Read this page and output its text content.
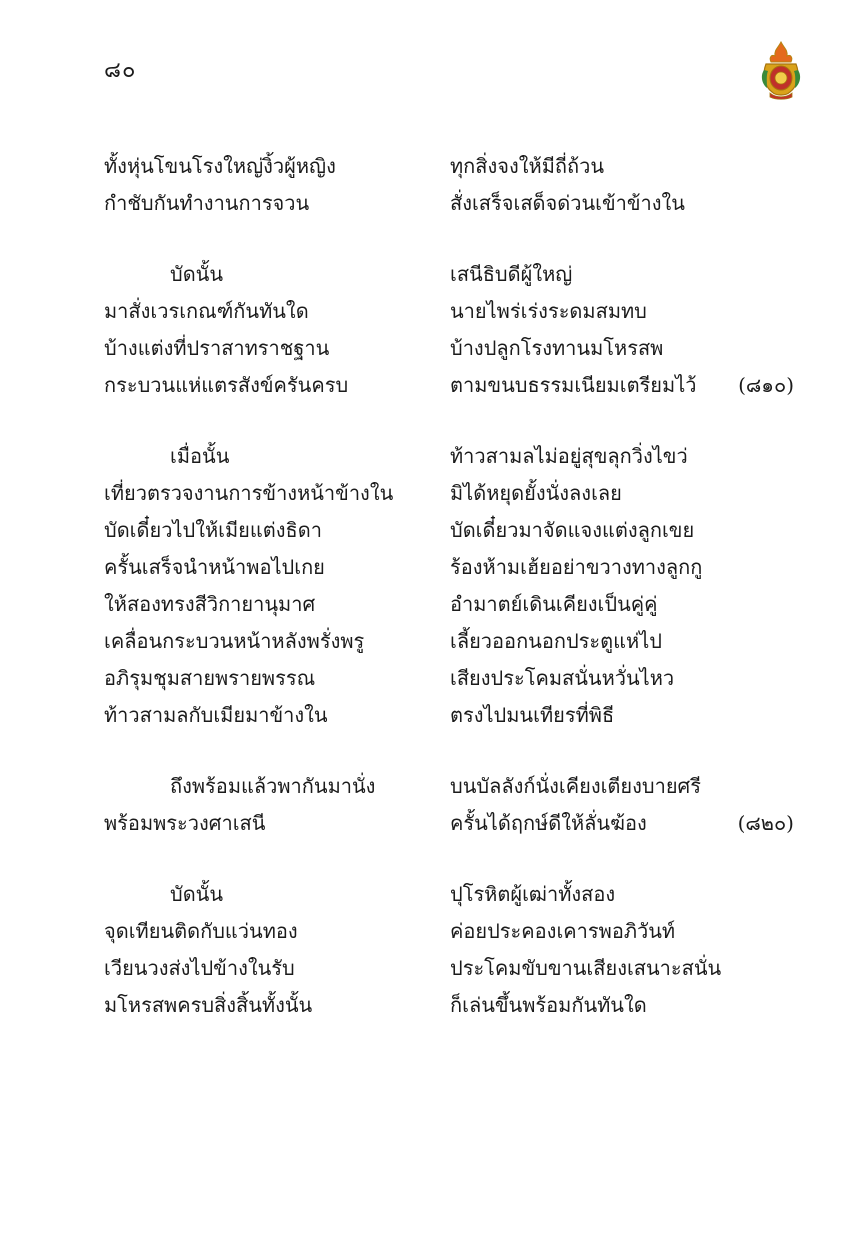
๘๐
ทั้งหุ่นโขนโรงใหญ่งิ้วผู้หญิง	ทุกสิ่งจงให้มีถี่ถ้วน
กำชับกันทำงานการจวน	สั่งเสร็จเสด็จด่วนเข้าข้างใน
บัดนั้น	เสนีธิบดีผู้ใหญ่
มาสั่งเวรเกณฑ์กันทันใด	นายไพร่เร่งระดมสมทบ
บ้างแต่งที่ปราสาทราชฐาน	บ้างปลูกโรงทานมโหรสพ
กระบวนแห่แตรสังข์ครันครบ	ตามขนบธรรมเนียมเตรียมไว้ (๘๑๐)
เมื่อนั้น	ท้าวสามลไม่อยู่สุขลุกวิ่งไขว่
เที่ยวตรวจงานการข้างหน้าข้างใน	มิได้หยุดยั้งนั่งลงเลย
บัดเดี๋ยวไปให้เมียแต่งธิดา	บัดเดี๋ยวมาจัดแจงแต่งลูกเขย
ครั้นเสร็จนำหน้าพอไปเกย	ร้องห้ามเฮ้ยอย่าขวางทางลูกกู
ให้สองทรงสีวิกายานุมาศ	อำมาตย์เดินเคียงเป็นคู่คู่
เคลื่อนกระบวนหน้าหลังพรั่งพรู	เลี้ยวออกนอกประตูแห่ไป
อภิรุมชุมสายพรายพรรณ	เสียงประโคมสนั่นหวั่นไหว
ท้าวสามลกับเมียมาข้างใน	ตรงไปมนเทียรที่พิธี
ถึงพร้อมแล้วพากันมานั่ง	บนบัลลังก์นั่งเคียงเตียงบายศรี
พร้อมพระวงศาเสนี	ครั้นได้ฤกษ์ดีให้ลั่นฆ้อง	(๘๒๐)
บัดนั้น	ปุโรหิตผู้เฒ่าทั้งสอง
จุดเทียนติดกับแว่นทอง	ค่อยประคองเคารพอภิวันท์
เวียนวงส่งไปข้างในรับ	ประโคมขับขานเสียงเสนาะสนั่น
มโหรสพครบสิ่งสิ้นทั้งนั้น	ก็เล่นขึ้นพร้อมกันทันใด
